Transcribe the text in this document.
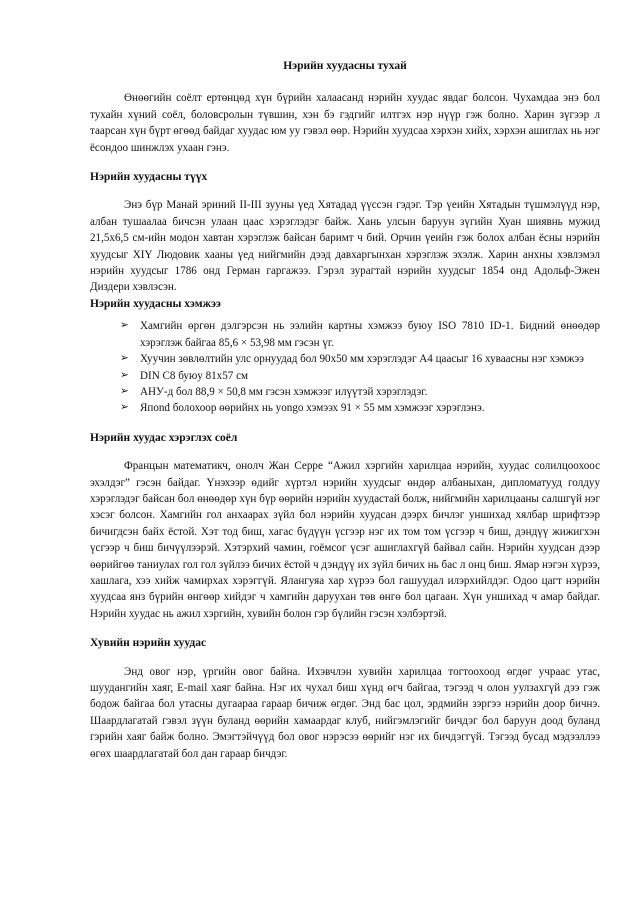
Нэрийн хуудасны тухай

Өнөөгийн соёлт ертөнцөд хүн бүрийн халаасанд нэрийн хуудас явдаг болсон. Чухамдаа энэ бол тухайн хүний соёл, боловсролын түвшин, хэн бэ гэдгийг илтгэх нэр нүүр гэж болно. Харин зүгээр л таарсан хүн бүрт өгөөд байдаг хуудас юм уу гэвэл өөр. Нэрийн хуудсаа хэрхэн хийх, хэрхэн ашиглах нь нэг ёсондоо шинжлэх ухаан гэнэ.

Нэрийн хуудасны түүх

Энэ бүр Манай эриний II-III зууны үед Хятадад үүссэн гэдэг. Тэр үеийн Хятадын түшмэлүүд нэр, албан тушаалаа бичсэн улаан цаас хэрэглэдэг байж. Хань улсын баруун зүгийн Хуан шиявнь мужид 21,5x6,5 см-ийн модон хавтан хэрэглэж байсан баримт ч бий. Орчин үеийн гэж болох албан ёсны нэрийн хуудсыг XIY Людовик хааны үед нийгмийн дээд давхаргынхан хэрэглэж эхэлж. Харин анхны хэвлэмэл нэрийн хуудсыг 1786 онд Герман гаргажээ. Гэрэл зурагтай нэрийн хуудсыг 1854 онд Адольф-Эжен Диздери хэвлэсэн.

Нэрийн хуудасны хэмжээ

➢ Хамгийн өргөн дэлгэрсэн нь ээлийн картны хэмжээ буюу ISO 7810 ID-1. Бидний өнөөдөр хэрэглэж байгаа 85,6 × 53,98 мм гэсэн үг.
➢ Хуучин зөвлөлтийн улс орнуудад бол 90x50 мм хэрэглэдэг A4 цаасыг 16 хуваасны нэг хэмжээ
➢ DIN C8 буюу 81x57 см
➢ АНУ-д бол 88,9 × 50,8 мм гэсэн хэмжээг илүүтэй хэрэглэдэг.
➢ Япond болохоор өөрийнх нь yongo хэмээх 91 × 55 мм хэмжээг хэрэглэнэ.

Нэрийн хуудас хэрэглэх соёл

Францын математикч, онолч Жан Серре “Ажил хэргийн харилцаа нэрийн, хуудас солилцоохоос эхэлдэг” гэсэн байдаг. Үнэхээр өдийг хүртэл нэрийн хуудсыг өндөр албаныхан, дипломатууд голдуу хэрэглэдэг байсан бол өнөөдөр хүн бүр өөрийн нэрийн хуудастай болж, нийгмийн харилцааны салшгүй нэг хэсэг болсон. Хамгийн гол анхаарах зүйл бол нэрийн хуудсан дээрх бичлэг уншихад хялбар шрифтээр бичигдсэн байх ёстой. Хэт тод биш, хагас бүдүүн үсгээр нэг их том том үсгээр ч биш, дэндүү жижигхэн үсгээр ч биш бичүүлээрэй. Хэтэрхий чамин, гоёмсог үсэг ашиглахгүй байвал сайн. Нэрийн хуудсан дээр өөрийгөө таниулах гол гол зүйлээ бичих ёстой ч дэндүү их зүйл бичих нь бас л онц биш. Ямар нэгэн хүрээ, хашлага, хээ хийж чамирхах хэрэггүй. Ялангуяа хар хүрээ бол гашуудал илэрхийлдэг. Одоо цагт нэрийн хуудсаа янз бүрийн өнгөөр хийдэг ч хамгийн даруухан төв өнгө бол цагаан. Хүн уншихад ч амар байдаг. Нэрийн хуудас нь ажил хэргийн, хувийн болон гэр бүлийн гэсэн хэлбэртэй.

Хувийн нэрийн хуудас

Энд овог нэр, үргийн овог байна. Ихэвчлэн хувийн харилцаа тогтоохоод өгдөг учраас утас, шуудангийн хаяг, E-mail хаяг байна. Нэг их чухал биш хүнд өгч байгаа, тэгээд ч олон уулзахгүй дээ гэж бодож байгаа бол утасны дугаараа гараар бичиж өгдөг. Энд бас цол, эрдмийн зэргээ нэрийн доор бичнэ. Шаардлагатай гэвэл зүүн буланд өөрийн хамаардаг клуб, нийгэмлэгийг бичдэг бол баруун доод буланд гэрийн хаяг байж болно. Эмэгтэйчүүд бол овог нэрэсээ өөрийг нэг их бичдэггүй. Тэгээд бусад мэдээллээ өгөх шаардлагатай бол дан гараар бичдэг.
